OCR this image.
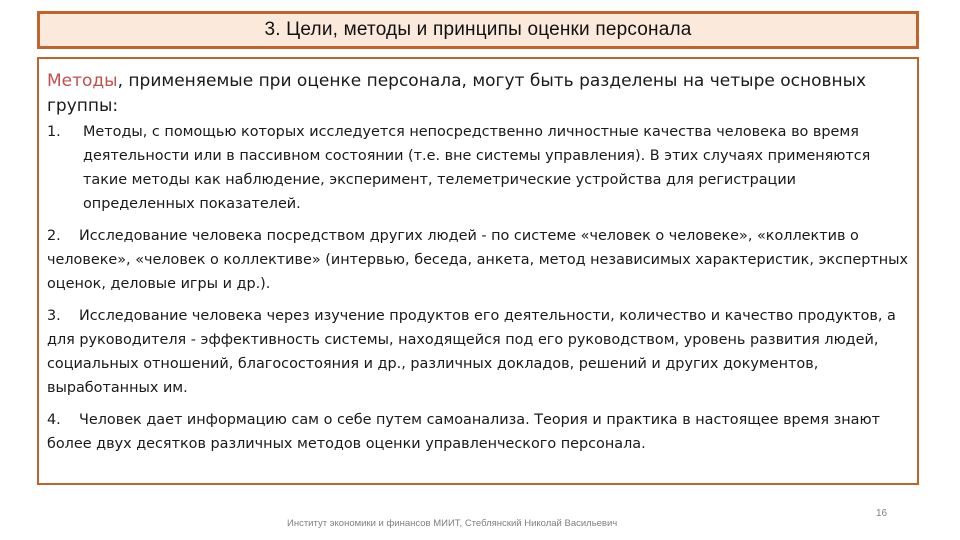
3. Цели, методы и принципы оценки персонала

Методы, применяемые при оценке персонала, могут быть разделены на четыре основных группы:

1.	Методы, с помощью которых исследуется непосредственно личностные качества человека во время деятельности или в пассивном состоянии (т.е. вне системы управления). В этих случаях применяются такие методы как наблюдение, эксперимент, телеметрические устройства для регистрации определенных показателей.

2. Исследование человека посредством других людей - по системе «человек о человеке», «коллектив о человеке», «человек о коллективе» (интервью, беседа, анкета, метод независимых характеристик, экспертных оценок, деловые игры и др.).

3. Исследование человека через изучение продуктов его деятельности, количество и качество продуктов, а для руководителя - эффективность системы, находящейся под его руководством, уровень развития людей, социальных отношений, благосостояния и др., различных докладов, решений и других документов, выработанных им.

4. Человек дает информацию сам о себе путем самоанализа. Теория и практика в настоящее время знают более двух десятков различных методов оценки управленческого персонала.

Институт экономики и финансов МИИТ, Стеблянский Николай Васильевич
16
